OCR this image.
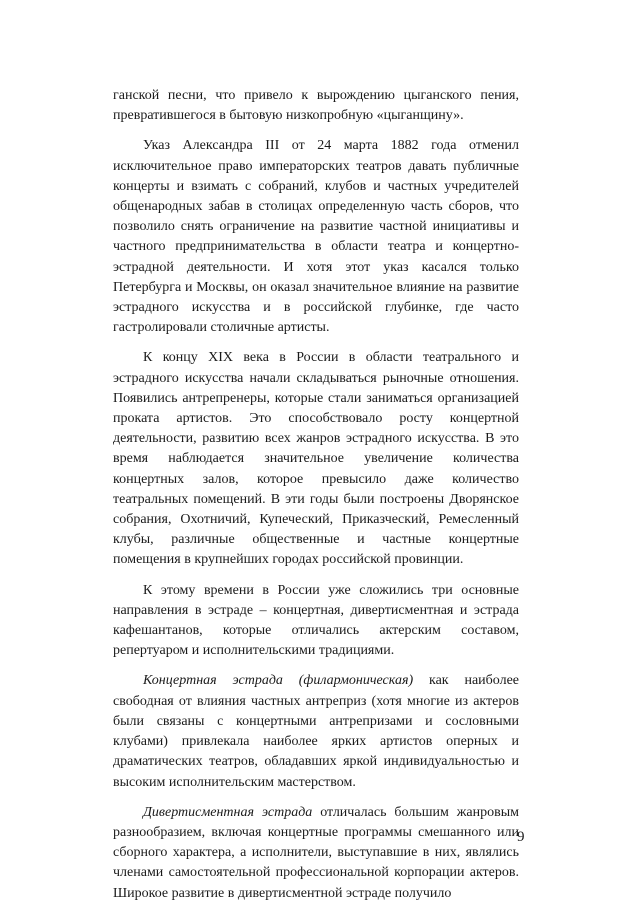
ганской песни, что привело к вырождению цыганского пения, превратившегося в бытовую низкопробную «цыганщину».

Указ Александра III от 24 марта 1882 года отменил исключительное право императорских театров давать публичные концерты и взимать с собраний, клубов и частных учредителей общенародных забав в столицах определенную часть сборов, что позволило снять ограничение на развитие частной инициативы и частного предпринимательства в области театра и концертно-эстрадной деятельности. И хотя этот указ касался только Петербурга и Москвы, он оказал значительное влияние на развитие эстрадного искусства и в российской глубинке, где часто гастролировали столичные артисты.

К концу XIX века в России в области театрального и эстрадного искусства начали складываться рыночные отношения. Появились антрепренеры, которые стали заниматься организацией проката артистов. Это способствовало росту концертной деятельности, развитию всех жанров эстрадного искусства. В это время наблюдается значительное увеличение количества концертных залов, которое превысило даже количество театральных помещений. В эти годы были построены Дворянское собрания, Охотничий, Купеческий, Приказчеcкий, Ремесленный клубы, различные общественные и частные концертные помещения в крупнейших городах российской провинции.

К этому времени в России уже сложились три основные направления в эстраде – концертная, дивертисментная и эстрада кафешантанов, которые отличались актерским составом, репертуаром и исполнительскими традициями.

Концертная эстрада (филармоническая) как наиболее свободная от влияния частных антреприз (хотя многие из актеров были связаны с концертными антрепризами и сословными клубами) привлекала наиболее ярких артистов оперных и драматических театров, обладавших яркой индивидуальностью и высоким исполнительским мастерством.

Дивертисментная эстрада отличалась большим жанровым разнообразием, включая концертные программы смешанного или сборного характера, а исполнители, выступавшие в них, являлись членами самостоятельной профессиональной корпорации актеров. Широкое развитие в дивертисментной эстраде получило

9
